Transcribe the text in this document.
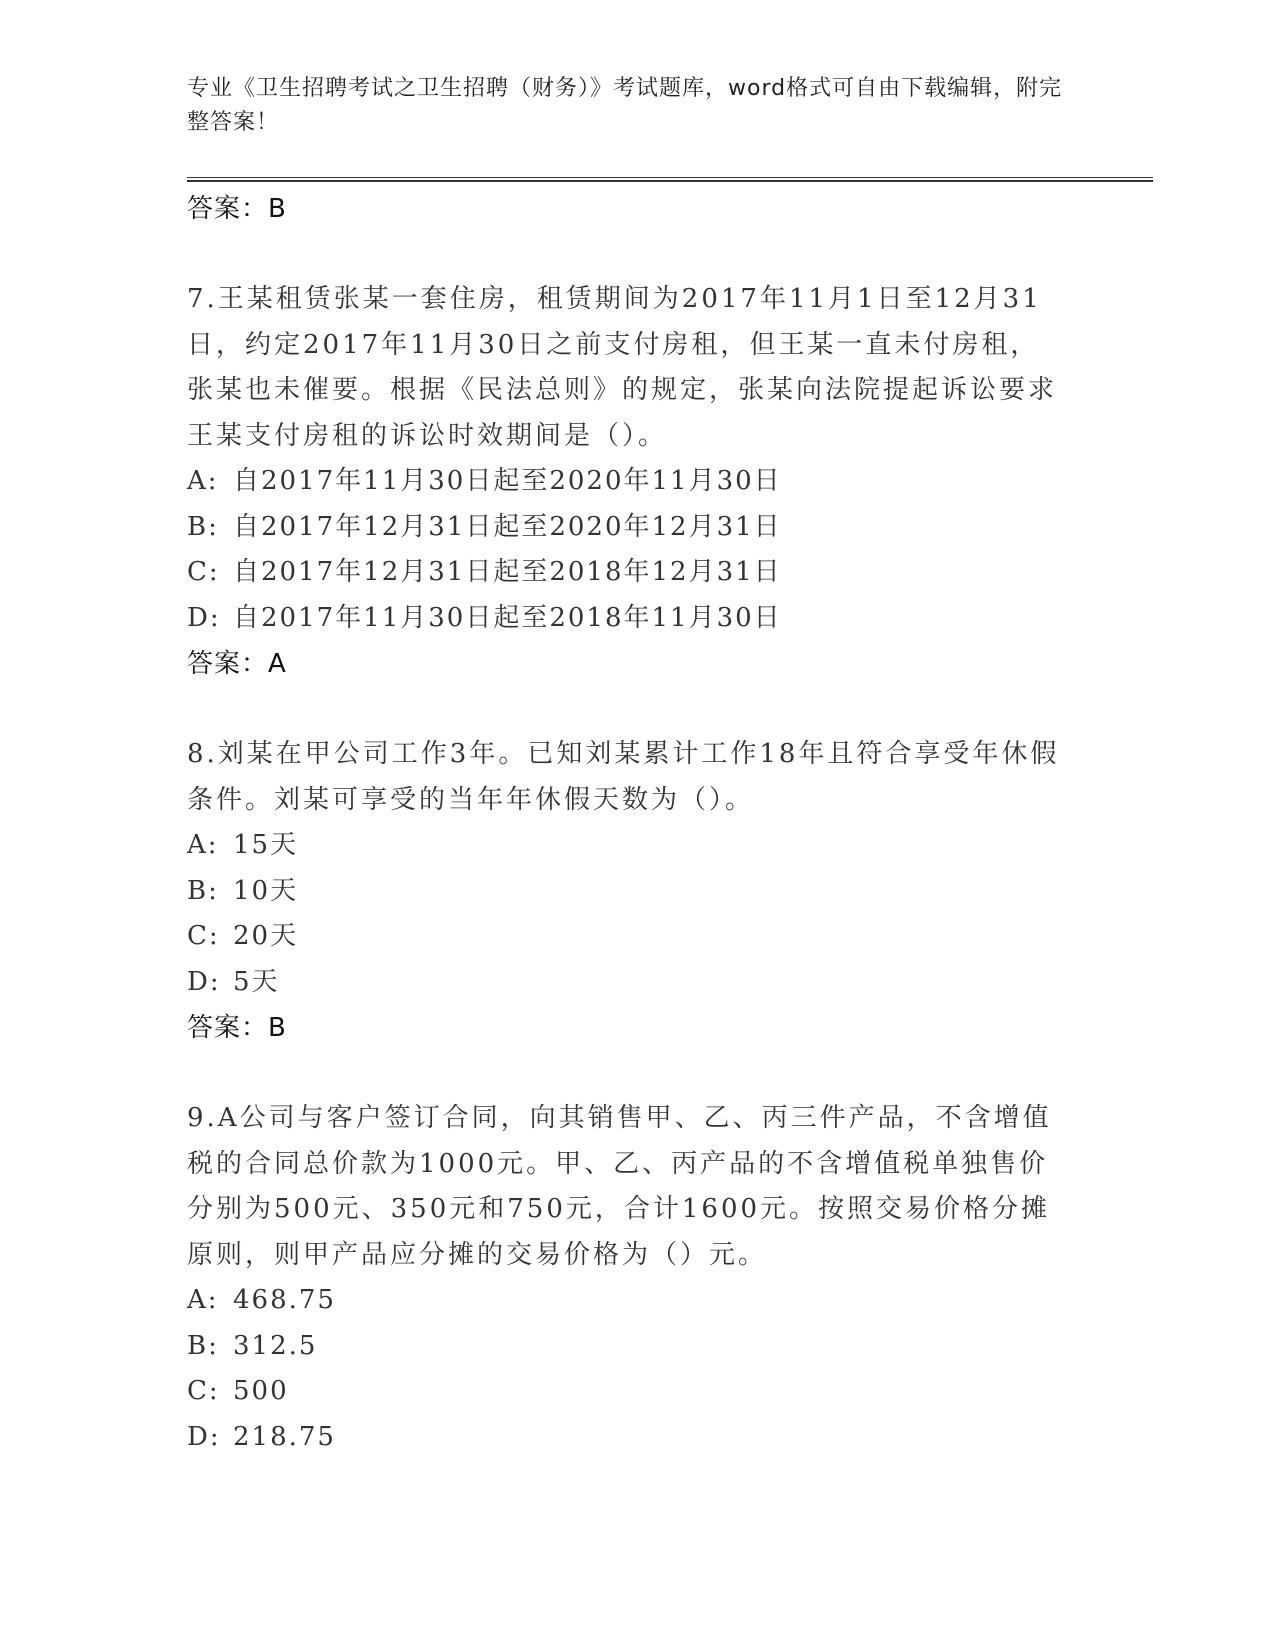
专业《卫生招聘考试之卫生招聘（财务）》考试题库，word格式可自由下载编辑，附完整答案！
答案：B
7.王某租赁张某一套住房，租赁期间为2017年11月1日至12月31日，约定2017年11月30日之前支付房租，但王某一直未付房租，张某也未催要。根据《民法总则》的规定，张某向法院提起诉讼要求王某支付房租的诉讼时效期间是（）。
A: 自2017年11月30日起至2020年11月30日
B: 自2017年12月31日起至2020年12月31日
C: 自2017年12月31日起至2018年12月31日
D: 自2017年11月30日起至2018年11月30日
答案：A
8.刘某在甲公司工作3年。已知刘某累计工作18年且符合享受年休假条件。刘某可享受的当年年休假天数为（）。
A: 15天
B: 10天
C: 20天
D: 5天
答案：B
9.A公司与客户签订合同，向其销售甲、乙、丙三件产品，不含增值税的合同总价款为1000元。甲、乙、丙产品的不含增值税单独售价分别为500元、350元和750元，合计1600元。按照交易价格分摊原则，则甲产品应分摊的交易价格为（）元。
A: 468.75
B: 312.5
C: 500
D: 218.75
